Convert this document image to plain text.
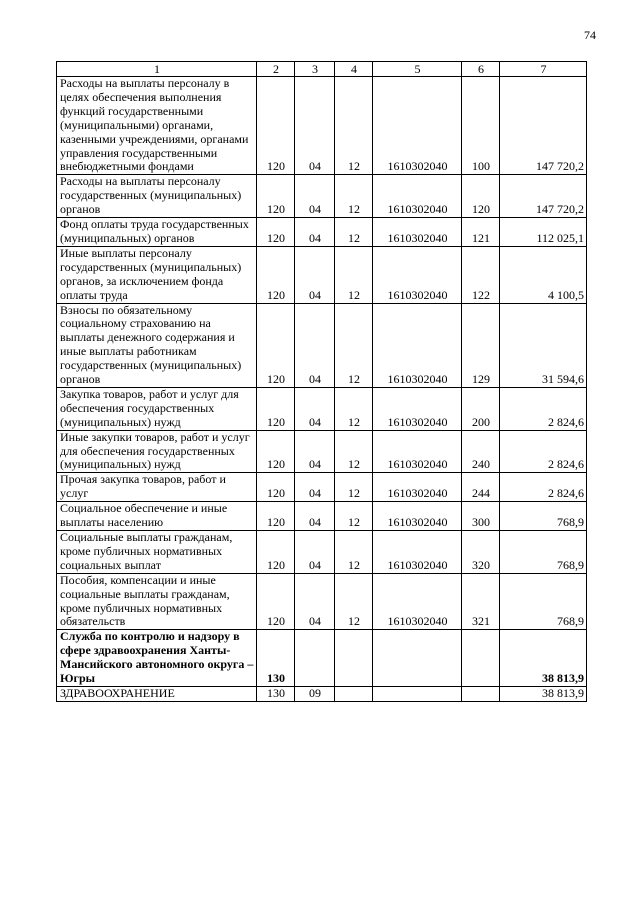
74
1	2	3	4	5	6	7
Расходы на выплаты персоналу в целях обеспечения выполнения функций государственными (муниципальными) органами, казенными учреждениями, органами управления государственными внебюджетными фондами	120	04	12	1610302040	100	147 720,2
Расходы на выплаты персоналу государственных (муниципальных) органов	120	04	12	1610302040	120	147 720,2
Фонд оплаты труда государственных (муниципальных) органов	120	04	12	1610302040	121	112 025,1
Иные выплаты персоналу государственных (муниципальных) органов, за исключением фонда оплаты труда	120	04	12	1610302040	122	4 100,5
Взносы по обязательному социальному страхованию на выплаты денежного содержания и иные выплаты работникам государственных (муниципальных) органов	120	04	12	1610302040	129	31 594,6
Закупка товаров, работ и услуг для обеспечения государственных (муниципальных) нужд	120	04	12	1610302040	200	2 824,6
Иные закупки товаров, работ и услуг для обеспечения государственных (муниципальных) нужд	120	04	12	1610302040	240	2 824,6
Прочая закупка товаров, работ и услуг	120	04	12	1610302040	244	2 824,6
Социальное обеспечение и иные выплаты населению	120	04	12	1610302040	300	768,9
Социальные выплаты гражданам, кроме публичных нормативных социальных выплат	120	04	12	1610302040	320	768,9
Пособия, компенсации и иные социальные выплаты гражданам, кроме публичных нормативных обязательств	120	04	12	1610302040	321	768,9
Служба по контролю и надзору в сфере здравоохранения Ханты-Мансийского автономного округа – Югры	130					38 813,9
ЗДРАВООХРАНЕНИЕ	130	09				38 813,9
